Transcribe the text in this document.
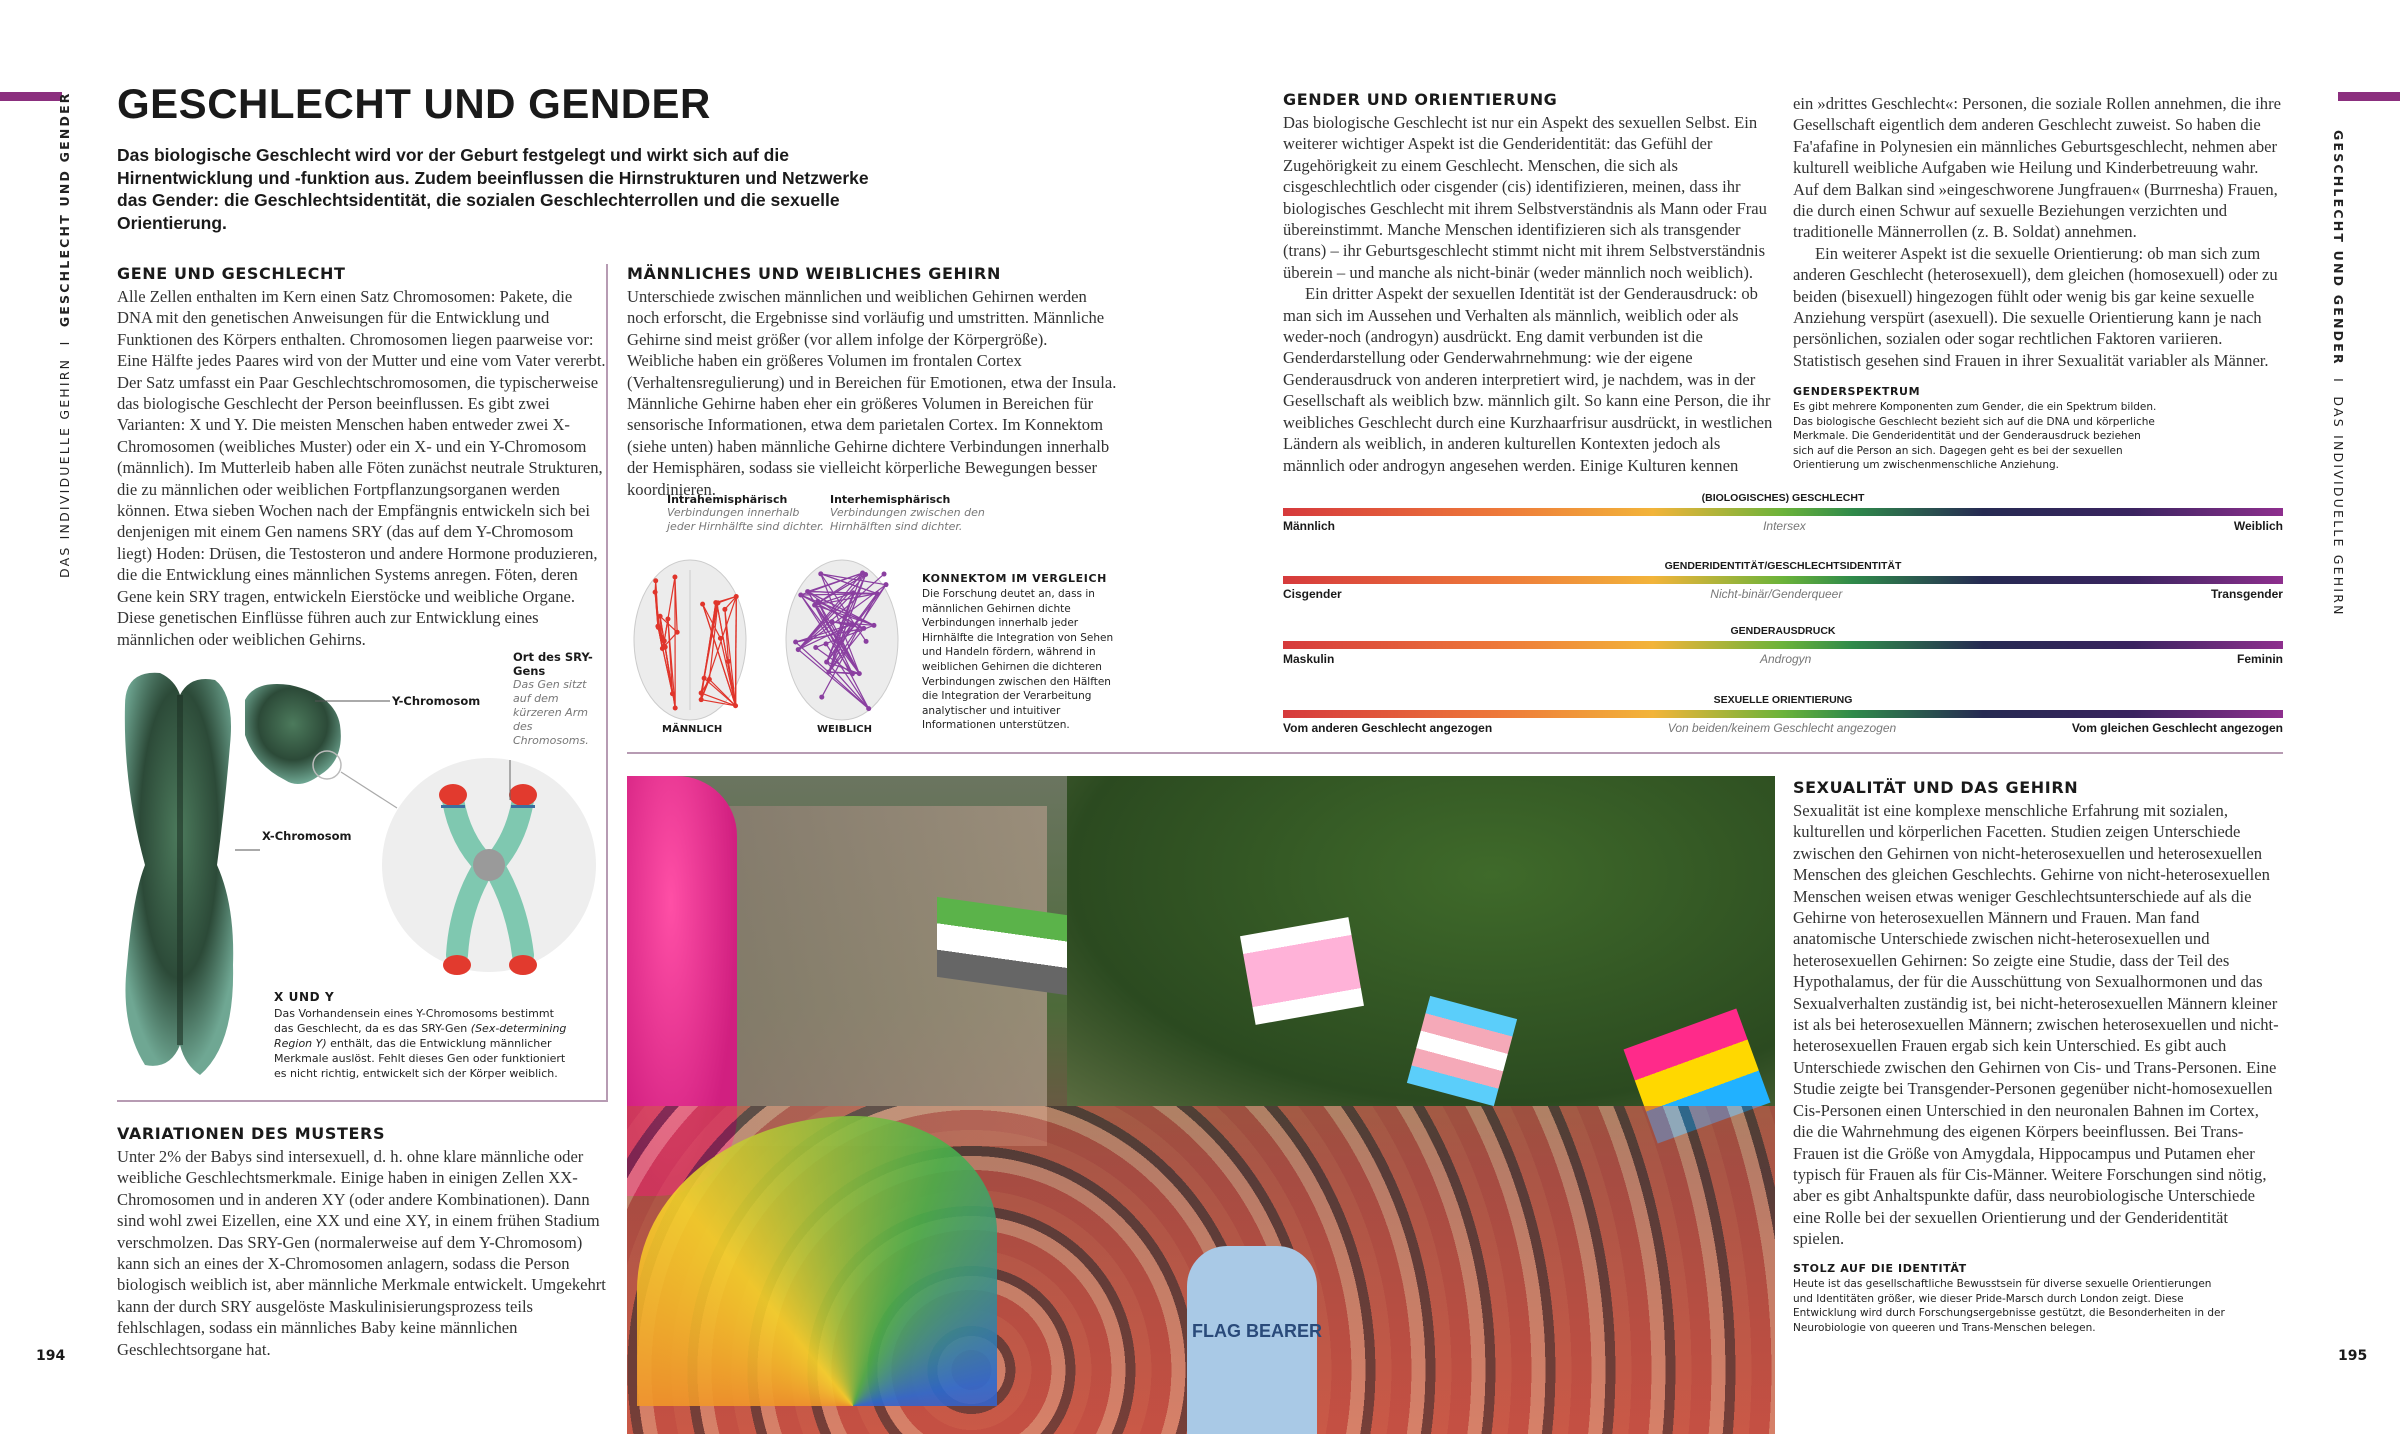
DAS INDIVIDUELLE GEHIRN  I  GESCHLECHT UND GENDER	GESCHLECHT UND GENDER  I  DAS INDIVIDUELLE GEHIRN
194	195
GESCHLECHT UND GENDER
Das biologische Geschlecht wird vor der Geburt festgelegt und wirkt sich auf die Hirnentwicklung und -funktion aus. Zudem beeinflussen die Hirnstrukturen und Netzwerke das Gender: die Geschlechtsidentität, die sozialen Geschlechterrollen und die sexuelle Orientierung.
GENE UND GESCHLECHT
Alle Zellen enthalten im Kern einen Satz Chromosomen: Pakete, die DNA mit den genetischen Anweisungen für die Entwicklung und Funktionen des Körpers enthalten. Chromosomen liegen paarweise vor: Eine Hälfte jedes Paares wird von der Mutter und eine vom Vater vererbt. Der Satz umfasst ein Paar Geschlechtschromosomen, die typischerweise das biologische Geschlecht der Person beeinflussen. Es gibt zwei Varianten: X und Y. Die meisten Menschen haben entweder zwei X-Chromosomen (weibliches Muster) oder ein X- und ein Y-Chromosom (männlich). Im Mutterleib haben alle Föten zunächst neutrale Strukturen, die zu männlichen oder weiblichen Fortpflanzungsorganen werden können. Etwa sieben Wochen nach der Empfängnis entwickeln sich bei denjenigen mit einem Gen namens SRY (das auf dem Y-Chromosom liegt) Hoden: Drüsen, die Testosteron und andere Hormone produzieren, die die Entwicklung eines männlichen Systems anregen. Föten, deren Gene kein SRY tragen, entwickeln Eierstöcke und weibliche Organe. Diese genetischen Einflüsse führen auch zur Entwicklung eines männlichen oder weiblichen Gehirns.
Y-Chromosom
X-Chromosom
Ort des SRY-Gens
Das Gen sitzt auf dem kürzeren Arm des Chromosoms.
X UND Y
Das Vorhandensein eines Y-Chromosoms bestimmt das Geschlecht, da es das SRY-Gen (Sex-determining Region Y) enthält, das die Entwicklung männlicher Merkmale auslöst. Fehlt dieses Gen oder funktioniert es nicht richtig, entwickelt sich der Körper weiblich.
VARIATIONEN DES MUSTERS
Unter 2% der Babys sind intersexuell, d. h. ohne klare männliche oder weibliche Geschlechtsmerkmale. Einige haben in einigen Zellen XX-Chromosomen und in anderen XY (oder andere Kombinationen). Dann sind wohl zwei Eizellen, eine XX und eine XY, in einem frühen Stadium verschmolzen. Das SRY-Gen (normalerweise auf dem Y-Chromosom) kann sich an eines der X-Chromosomen anlagern, sodass die Person biologisch weiblich ist, aber männliche Merkmale entwickelt. Umgekehrt kann der durch SRY ausgelöste Maskulinisierungsprozess teils fehlschlagen, sodass ein männliches Baby keine männlichen Geschlechtsorgane hat.
MÄNNLICHES UND WEIBLICHES GEHIRN
Unterschiede zwischen männlichen und weiblichen Gehirnen werden noch erforscht, die Ergebnisse sind vorläufig und umstritten. Männliche Gehirne sind meist größer (vor allem infolge der Körpergröße). Weibliche haben ein größeres Volumen im frontalen Cortex (Verhaltensregulierung) und in Bereichen für Emotionen, etwa der Insula. Männliche Gehirne haben eher ein größeres Volumen in Bereichen für sensorische Informationen, etwa dem parietalen Cortex. Im Konnektom (siehe unten) haben männliche Gehirne dichtere Verbindungen innerhalb der Hemisphären, sodass sie vielleicht körperliche Bewegungen besser koordinieren.
Intrahemisphärisch
Verbindungen innerhalb jeder Hirnhälfte sind dichter.
Interhemisphärisch
Verbindungen zwischen den Hirnhälften sind dichter.
MÄNNLICH	WEIBLICH
KONNEKTOM IM VERGLEICH
Die Forschung deutet an, dass in männlichen Gehirnen dichte Verbindungen innerhalb jeder Hirnhälfte die Integration von Sehen und Handeln fördern, während in weiblichen Gehirnen die dichteren Verbindungen zwischen den Hälften die Integration der Verarbeitung analytischer und intuitiver Informationen unterstützen.
FLAG BEARER
GENDER UND ORIENTIERUNG
Das biologische Geschlecht ist nur ein Aspekt des sexuellen Selbst. Ein weiterer wichtiger Aspekt ist die Genderidentität: das Gefühl der Zugehörigkeit zu einem Geschlecht. Menschen, die sich als cisgeschlechtlich oder cisgender (cis) identifizieren, meinen, dass ihr biologisches Geschlecht mit ihrem Selbstverständnis als Mann oder Frau übereinstimmt. Manche Menschen identifizieren sich als transgender (trans) – ihr Geburtsgeschlecht stimmt nicht mit ihrem Selbstverständnis überein – und manche als nicht-binär (weder männlich noch weiblich).
Ein dritter Aspekt der sexuellen Identität ist der Genderausdruck: ob man sich im Aussehen und Verhalten als männlich, weiblich oder als weder-noch (androgyn) ausdrückt. Eng damit verbunden ist die Genderdarstellung oder Genderwahrnehmung: wie der eigene Genderausdruck von anderen interpretiert wird, je nachdem, was in der Gesellschaft als weiblich bzw. männlich gilt. So kann eine Person, die ihr weibliches Geschlecht durch eine Kurzhaarfrisur ausdrückt, in westlichen Ländern als weiblich, in anderen kulturellen Kontexten jedoch als männlich oder androgyn angesehen werden. Einige Kulturen kennen
ein »drittes Geschlecht«: Personen, die soziale Rollen annehmen, die ihre Gesellschaft eigentlich dem anderen Geschlecht zuweist. So haben die Fa'afafine in Polynesien ein männliches Geburtsgeschlecht, nehmen aber kulturell weibliche Aufgaben wie Heilung und Kinderbetreuung wahr. Auf dem Balkan sind »eingeschworene Jungfrauen« (Burrnesha) Frauen, die durch einen Schwur auf sexuelle Beziehungen verzichten und traditionelle Männerrollen (z. B. Soldat) annehmen.
Ein weiterer Aspekt ist die sexuelle Orientierung: ob man sich zum anderen Geschlecht (heterosexuell), dem gleichen (homosexuell) oder zu beiden (bisexuell) hingezogen fühlt oder wenig bis gar keine sexuelle Anziehung verspürt (asexuell). Die sexuelle Orientierung kann je nach persönlichen, sozialen oder sogar rechtlichen Faktoren variieren. Statistisch gesehen sind Frauen in ihrer Sexualität variabler als Männer.
GENDERSPEKTRUM
Es gibt mehrere Komponenten zum Gender, die ein Spektrum bilden. Das biologische Geschlecht bezieht sich auf die DNA und körperliche Merkmale. Die Genderidentität und der Genderausdruck beziehen sich auf die Person an sich. Dagegen geht es bei der sexuellen Orientierung um zwischenmenschliche Anziehung.
(BIOLOGISCHES) GESCHLECHT
Männlich	Intersex	Weiblich
GENDERIDENTITÄT/GESCHLECHTSIDENTITÄT
Cisgender	Nicht-binär/Genderqueer	Transgender
GENDERAUSDRUCK
Maskulin	Androgyn	Feminin
SEXUELLE ORIENTIERUNG
Vom anderen Geschlecht angezogen	Von beiden/keinem Geschlecht angezogen	Vom gleichen Geschlecht angezogen
SEXUALITÄT UND DAS GEHIRN
Sexualität ist eine komplexe menschliche Erfahrung mit sozialen, kulturellen und körperlichen Facetten. Studien zeigen Unterschiede zwischen den Gehirnen von nicht-heterosexuellen und heterosexuellen Menschen des gleichen Geschlechts. Gehirne von nicht-heterosexuellen Menschen weisen etwas weniger Geschlechtsunterschiede auf als die Gehirne von heterosexuellen Männern und Frauen. Man fand anatomische Unterschiede zwischen nicht-heterosexuellen und heterosexuellen Gehirnen: So zeigte eine Studie, dass der Teil des Hypothalamus, der für die Ausschüttung von Sexualhormonen und das Sexualverhalten zuständig ist, bei nicht-heterosexuellen Männern kleiner ist als bei heterosexuellen Männern; zwischen heterosexuellen und nicht-heterosexuellen Frauen ergab sich kein Unterschied. Es gibt auch Unterschiede zwischen den Gehirnen von Cis- und Trans-Personen. Eine Studie zeigte bei Transgender-Personen gegenüber nicht-homosexuellen Cis-Personen einen Unterschied in den neuronalen Bahnen im Cortex, die die Wahrnehmung des eigenen Körpers beeinflussen. Bei Trans-Frauen ist die Größe von Amygdala, Hippocampus und Putamen eher typisch für Frauen als für Cis-Männer. Weitere Forschungen sind nötig, aber es gibt Anhaltspunkte dafür, dass neurobiologische Unterschiede eine Rolle bei der sexuellen Orientierung und der Genderidentität spielen.
STOLZ AUF DIE IDENTITÄT
Heute ist das gesellschaftliche Bewusstsein für diverse sexuelle Orientierungen und Identitäten größer, wie dieser Pride-Marsch durch London zeigt. Diese Entwicklung wird durch Forschungsergebnisse gestützt, die Besonderheiten in der Neurobiologie von queeren und Trans-Menschen belegen.
